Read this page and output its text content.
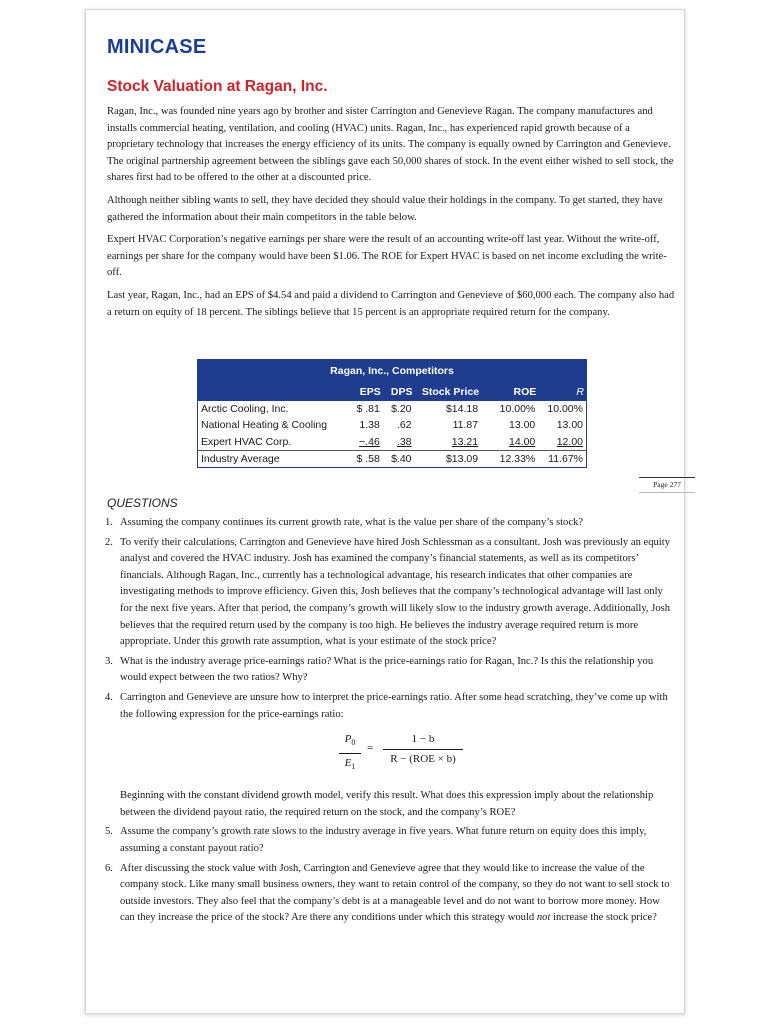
MINICASE
Stock Valuation at Ragan, Inc.

Ragan, Inc., was founded nine years ago by brother and sister Carrington and Genevieve Ragan. The company manufactures and installs commercial heating, ventilation, and cooling (HVAC) units. Ragan, Inc., has experienced rapid growth because of a proprietary technology that increases the energy efficiency of its units. The company is equally owned by Carrington and Genevieve. The original partnership agreement between the siblings gave each 50,000 shares of stock. In the event either wished to sell stock, the shares first had to be offered to the other at a discounted price.

Although neither sibling wants to sell, they have decided they should value their holdings in the company. To get started, they have gathered the information about their main competitors in the table below.

Expert HVAC Corporation’s negative earnings per share were the result of an accounting write-off last year. Without the write-off, earnings per share for the company would have been $1.06. The ROE for Expert HVAC is based on net income excluding the write-off.

Last year, Ragan, Inc., had an EPS of $4.54 and paid a dividend to Carrington and Genevieve of $60,000 each. The company also had a return on equity of 18 percent. The siblings believe that 15 percent is an appropriate required return for the company.

Ragan, Inc., Competitors					
	EPS	DPS	Stock Price	ROE	R
Arctic Cooling, Inc.	$ .81	$.20	$14.18	10.00%	10.00%
National Heating & Cooling	1.38	.62	11.87	13.00	13.00
Expert HVAC Corp.	−.46	.38	13.21	14.00	12.00
Industry Average	$ .58	$.40	$13.09	12.33%	11.67%
Page 277
QUESTIONS
1. Assuming the company continues its current growth rate, what is the value per share of the company’s stock?
2. To verify their calculations, Carrington and Genevieve have hired Josh Schlessman as a consultant. Josh was previously an equity analyst and covered the HVAC industry. Josh has examined the company’s financial statements, as well as its competitors’ financials. Although Ragan, Inc., currently has a technological advantage, his research indicates that other companies are investigating methods to improve efficiency. Given this, Josh believes that the company’s technological advantage will last only for the next five years. After that period, the company’s growth will likely slow to the industry growth average. Additionally, Josh believes that the required return used by the company is too high. He believes the industry average required return is more appropriate. Under this growth rate assumption, what is your estimate of the stock price?
3. What is the industry average price-earnings ratio? What is the price-earnings ratio for Ragan, Inc.? Is this the relationship you would expect between the two ratios? Why?
4. Carrington and Genevieve are unsure how to interpret the price-earnings ratio. After some head scratching, they’ve come up with the following expression for the price-earnings ratio:
$\frac{P_0}{E_1}$ =
1 − b
R − (ROE × b)

Beginning with the constant dividend growth model, verify this result. What does this expression imply about the relationship between the dividend payout ratio, the required return on the stock, and the company’s ROE?

5. Assume the company’s growth rate slows to the industry average in five years. What future return on equity does this imply, assuming a constant payout ratio?
6. After discussing the stock value with Josh, Carrington and Genevieve agree that they would like to increase the value of the company stock. Like many small business owners, they want to retain control of the company, so they do not want to sell stock to outside investors. They also feel that the company’s debt is at a manageable level and do not want to borrow more money. How can they increase the price of the stock? Are there any conditions under which this strategy would not increase the stock price?
